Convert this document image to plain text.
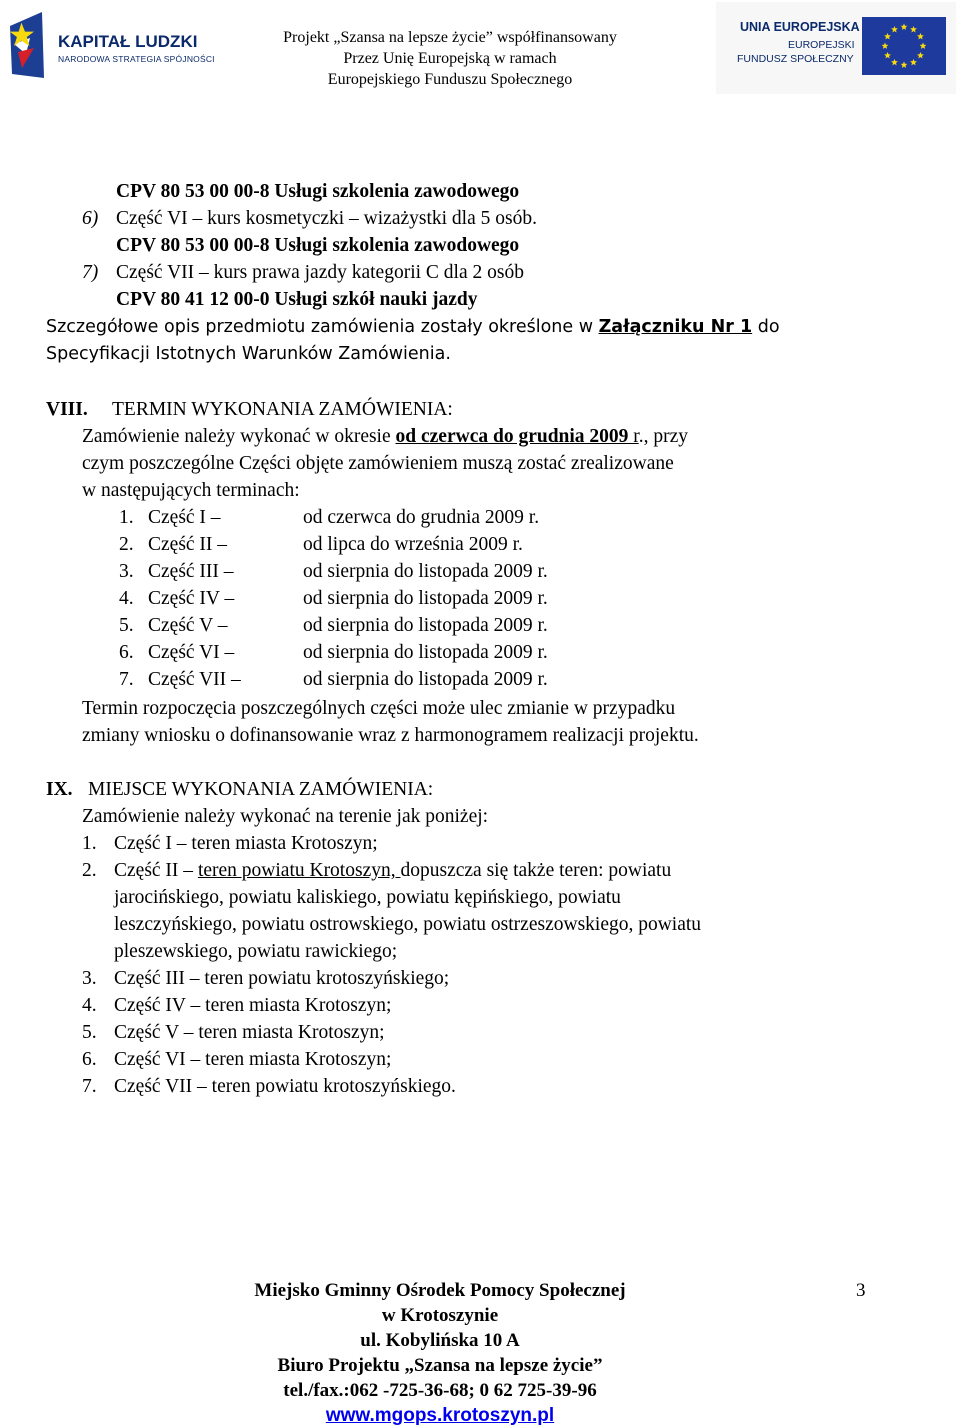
KAPITAŁ LUDZKI
NARODOWA STRATEGIA SPÓJNOŚCI
Projekt „Szansa na lepsze życie” współfinansowany
Przez Unię Europejską w ramach
Europejskiego Funduszu Społecznego
UNIA EUROPEJSKA
EUROPEJSKI
FUNDUSZ SPOŁECZNY
CPV 80 53 00 00-8 Usługi szkolenia zawodowego
6) Część VI – kurs kosmetyczki – wizażystki dla 5 osób.
CPV 80 53 00 00-8 Usługi szkolenia zawodowego
7) Część VII – kurs prawa jazdy kategorii C dla 2 osób
CPV 80 41 12 00-0 Usługi szkół nauki jazdy
Szczegółowe opis przedmiotu zamówienia zostały określone w Załączniku Nr 1 do
Specyfikacji Istotnych Warunków Zamówienia.
VIII. TERMIN WYKONANIA ZAMÓWIENIA:
Zamówienie należy wykonać w okresie od czerwca do grudnia 2009 r., przy
czym poszczególne Części objęte zamówieniem muszą zostać zrealizowane
w następujących terminach:
1. Część I –	od czerwca do grudnia 2009 r.
2. Część II –	od lipca do września 2009 r.
3. Część III –	od sierpnia do listopada 2009 r.
4. Część IV –	od sierpnia do listopada 2009 r.
5. Część V –	od sierpnia do listopada 2009 r.
6. Część VI –	od sierpnia do listopada 2009 r.
7. Część VII –	od sierpnia do listopada 2009 r.
Termin rozpoczęcia poszczególnych części może ulec zmianie w przypadku
zmiany wniosku o dofinansowanie wraz z harmonogramem realizacji projektu.
IX. MIEJSCE WYKONANIA ZAMÓWIENIA:
Zamówienie należy wykonać na terenie jak poniżej:
1. Część I – teren miasta Krotoszyn;
2. Część II – teren powiatu Krotoszyn, dopuszcza się także teren: powiatu
jarocińskiego, powiatu kaliskiego, powiatu kępińskiego, powiatu
leszczyńskiego, powiatu ostrowskiego, powiatu ostrzeszowskiego, powiatu
pleszewskiego, powiatu rawickiego;
3. Część III – teren powiatu krotoszyńskiego;
4. Część IV – teren miasta Krotoszyn;
5. Część V – teren miasta Krotoszyn;
6. Część VI – teren miasta Krotoszyn;
7. Część VII – teren powiatu krotoszyńskiego.
Miejsko Gminny Ośrodek Pomocy Społecznej	3
w Krotoszynie
ul. Kobylińska 10 A
Biuro Projektu „Szansa na lepsze życie”
tel./fax.:062 -725-36-68; 0 62 725-39-96
www.mgops.krotoszyn.pl
